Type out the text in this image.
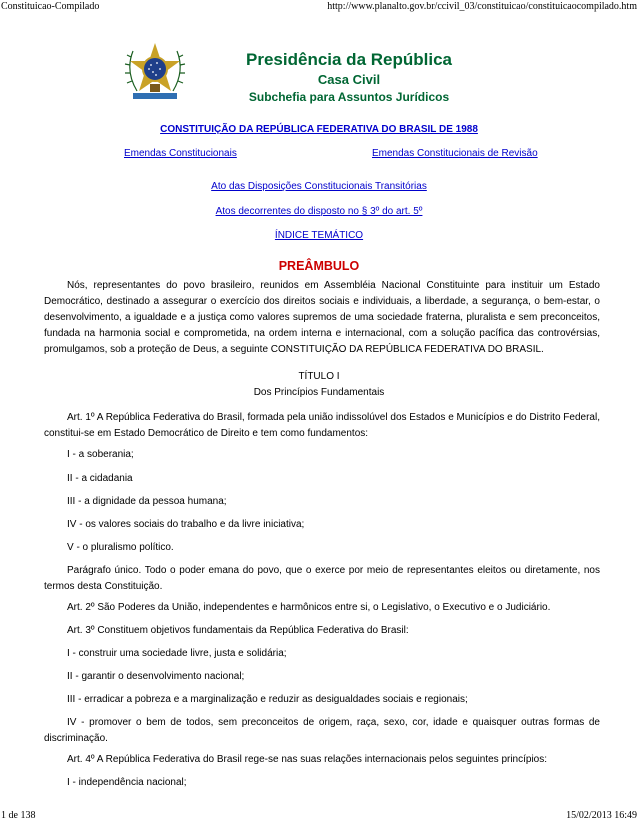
Constituicao-Compilado	http://www.planalto.gov.br/ccivil_03/constituicao/constituicaocompilado.htm
Presidência da República
Casa Civil
Subchefia para Assuntos Jurídicos
CONSTITUIÇÃO DA REPÚBLICA FEDERATIVA DO BRASIL DE 1988
Emendas Constitucionais	Emendas Constitucionais de Revisão
Ato das Disposições Constitucionais Transitórias
Atos decorrentes do disposto no § 3º do art. 5º
ÍNDICE TEMÁTICO
PREÂMBULO
Nós, representantes do povo brasileiro, reunidos em Assembléia Nacional Constituinte para instituir um Estado Democrático, destinado a assegurar o exercício dos direitos sociais e individuais, a liberdade, a segurança, o bem-estar, o desenvolvimento, a igualdade e a justiça como valores supremos de uma sociedade fraterna, pluralista e sem preconceitos, fundada na harmonia social e comprometida, na ordem interna e internacional, com a solução pacífica das controvérsias, promulgamos, sob a proteção de Deus, a seguinte CONSTITUIÇÃO DA REPÚBLICA FEDERATIVA DO BRASIL.
TÍTULO I
Dos Princípios Fundamentais
Art. 1º A República Federativa do Brasil, formada pela união indissolúvel dos Estados e Municípios e do Distrito Federal, constitui-se em Estado Democrático de Direito e tem como fundamentos:
I - a soberania;
II - a cidadania
III - a dignidade da pessoa humana;
IV - os valores sociais do trabalho e da livre iniciativa;
V - o pluralismo político.
Parágrafo único. Todo o poder emana do povo, que o exerce por meio de representantes eleitos ou diretamente, nos termos desta Constituição.
Art. 2º São Poderes da União, independentes e harmônicos entre si, o Legislativo, o Executivo e o Judiciário.
Art. 3º Constituem objetivos fundamentais da República Federativa do Brasil:
I - construir uma sociedade livre, justa e solidária;
II - garantir o desenvolvimento nacional;
III - erradicar a pobreza e a marginalização e reduzir as desigualdades sociais e regionais;
IV - promover o bem de todos, sem preconceitos de origem, raça, sexo, cor, idade e quaisquer outras formas de discriminação.
Art. 4º A República Federativa do Brasil rege-se nas suas relações internacionais pelos seguintes princípios:
I - independência nacional;
1 de 138	15/02/2013 16:49
